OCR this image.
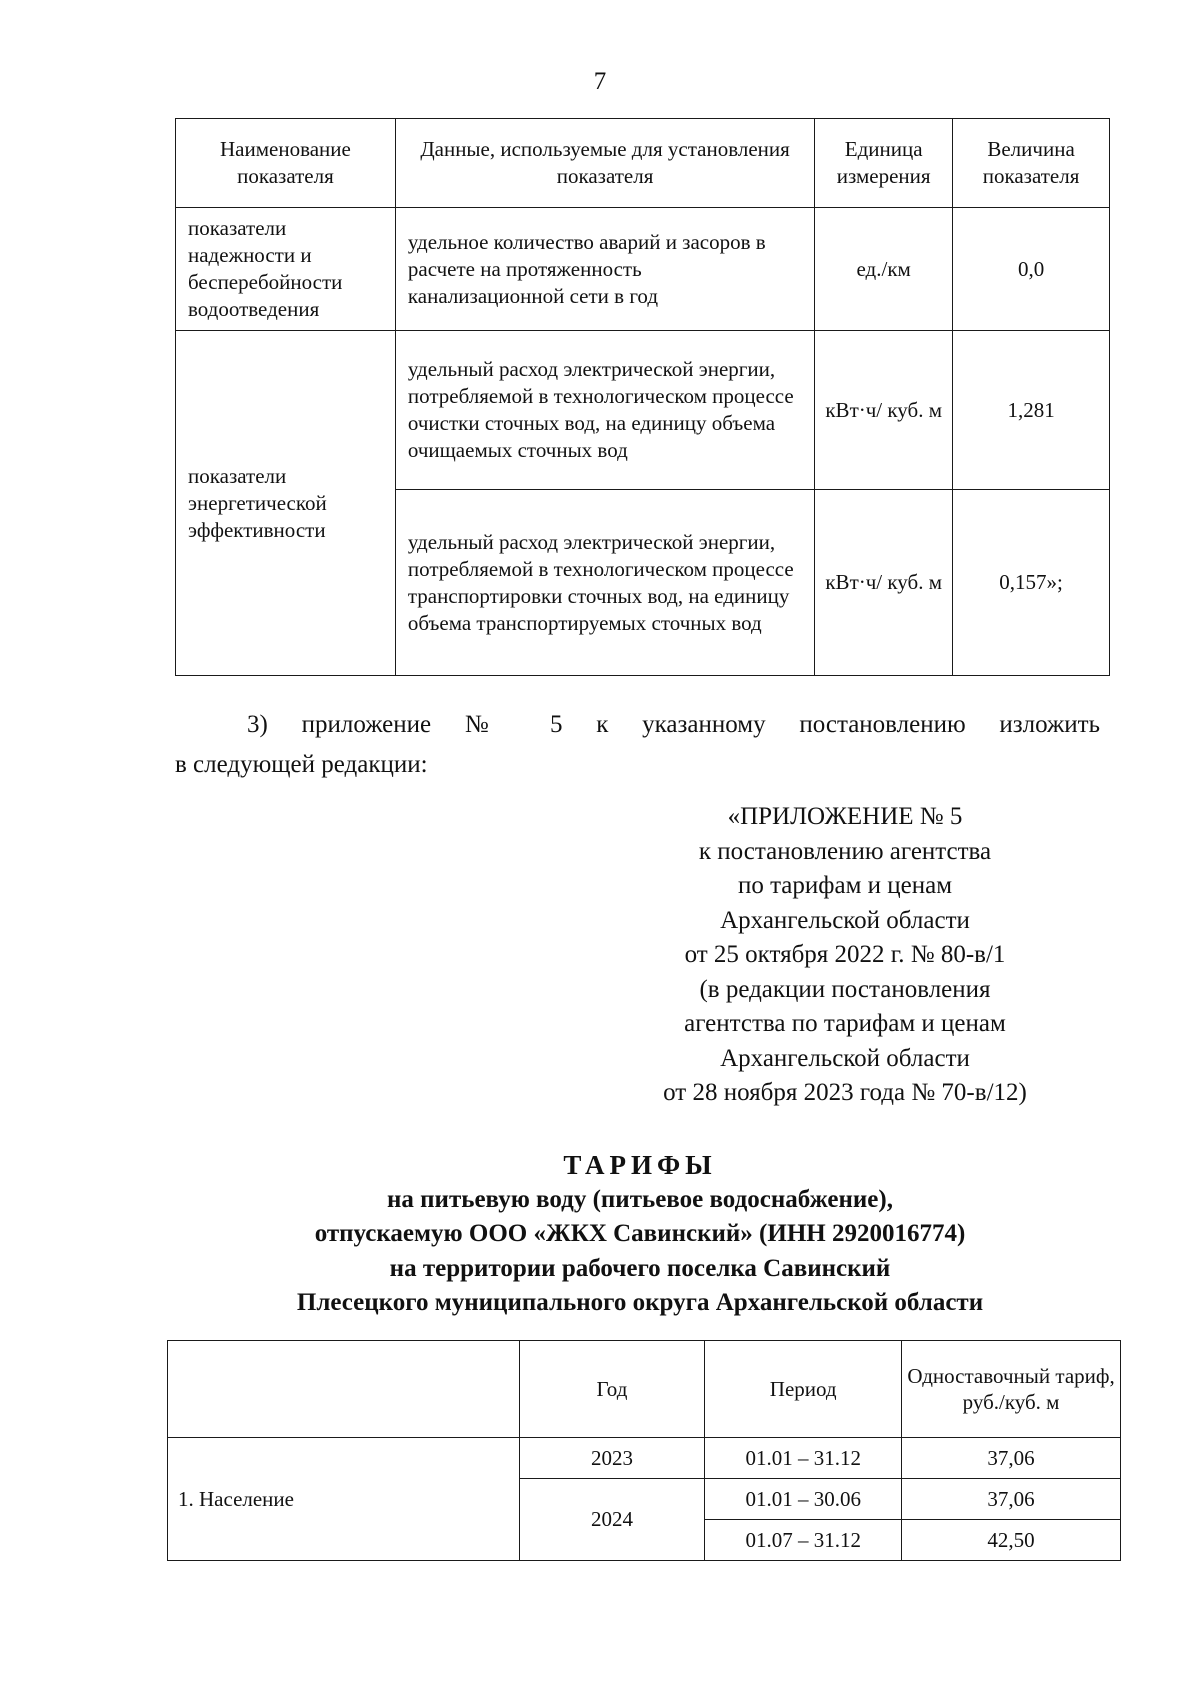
7
Наименование показателя	Данные, используемые для установления показателя	Единица измерения	Величина показателя
показатели надежности и бесперебойности водоотведения	удельное количество аварий и засоров в расчете на протяженность канализационной сети в год	ед./км	0,0
показатели энергетической эффективности	удельный расход электрической энергии, потребляемой в технологическом процессе очистки сточных вод, на единицу объема очищаемых сточных вод	кВт·ч/ куб. м	1,281
	удельный расход электрической энергии, потребляемой в технологическом процессе транспортировки сточных вод, на единицу объема транспортируемых сточных вод	кВт·ч/ куб. м	0,157»;
3) приложение № 5 к указанному постановлению изложить
в следующей редакции:
«ПРИЛОЖЕНИЕ № 5
к постановлению агентства
по тарифам и ценам
Архангельской области
от 25 октября 2022 г. № 80-в/1
(в редакции постановления
агентства по тарифам и ценам
Архангельской области
от 28 ноября 2023 года № 70-в/12)
ТАРИФЫ
на питьевую воду (питьевое водоснабжение),
отпускаемую ООО «ЖКХ Савинский» (ИНН 2920016774)
на территории рабочего поселка Савинский
Плесецкого муниципального округа Архангельской области
	Год	Период	Одноставочный тариф, руб./куб. м
1. Население	2023	01.01 – 31.12	37,06
	2024	01.01 – 30.06	37,06
		01.07 – 31.12	42,50
